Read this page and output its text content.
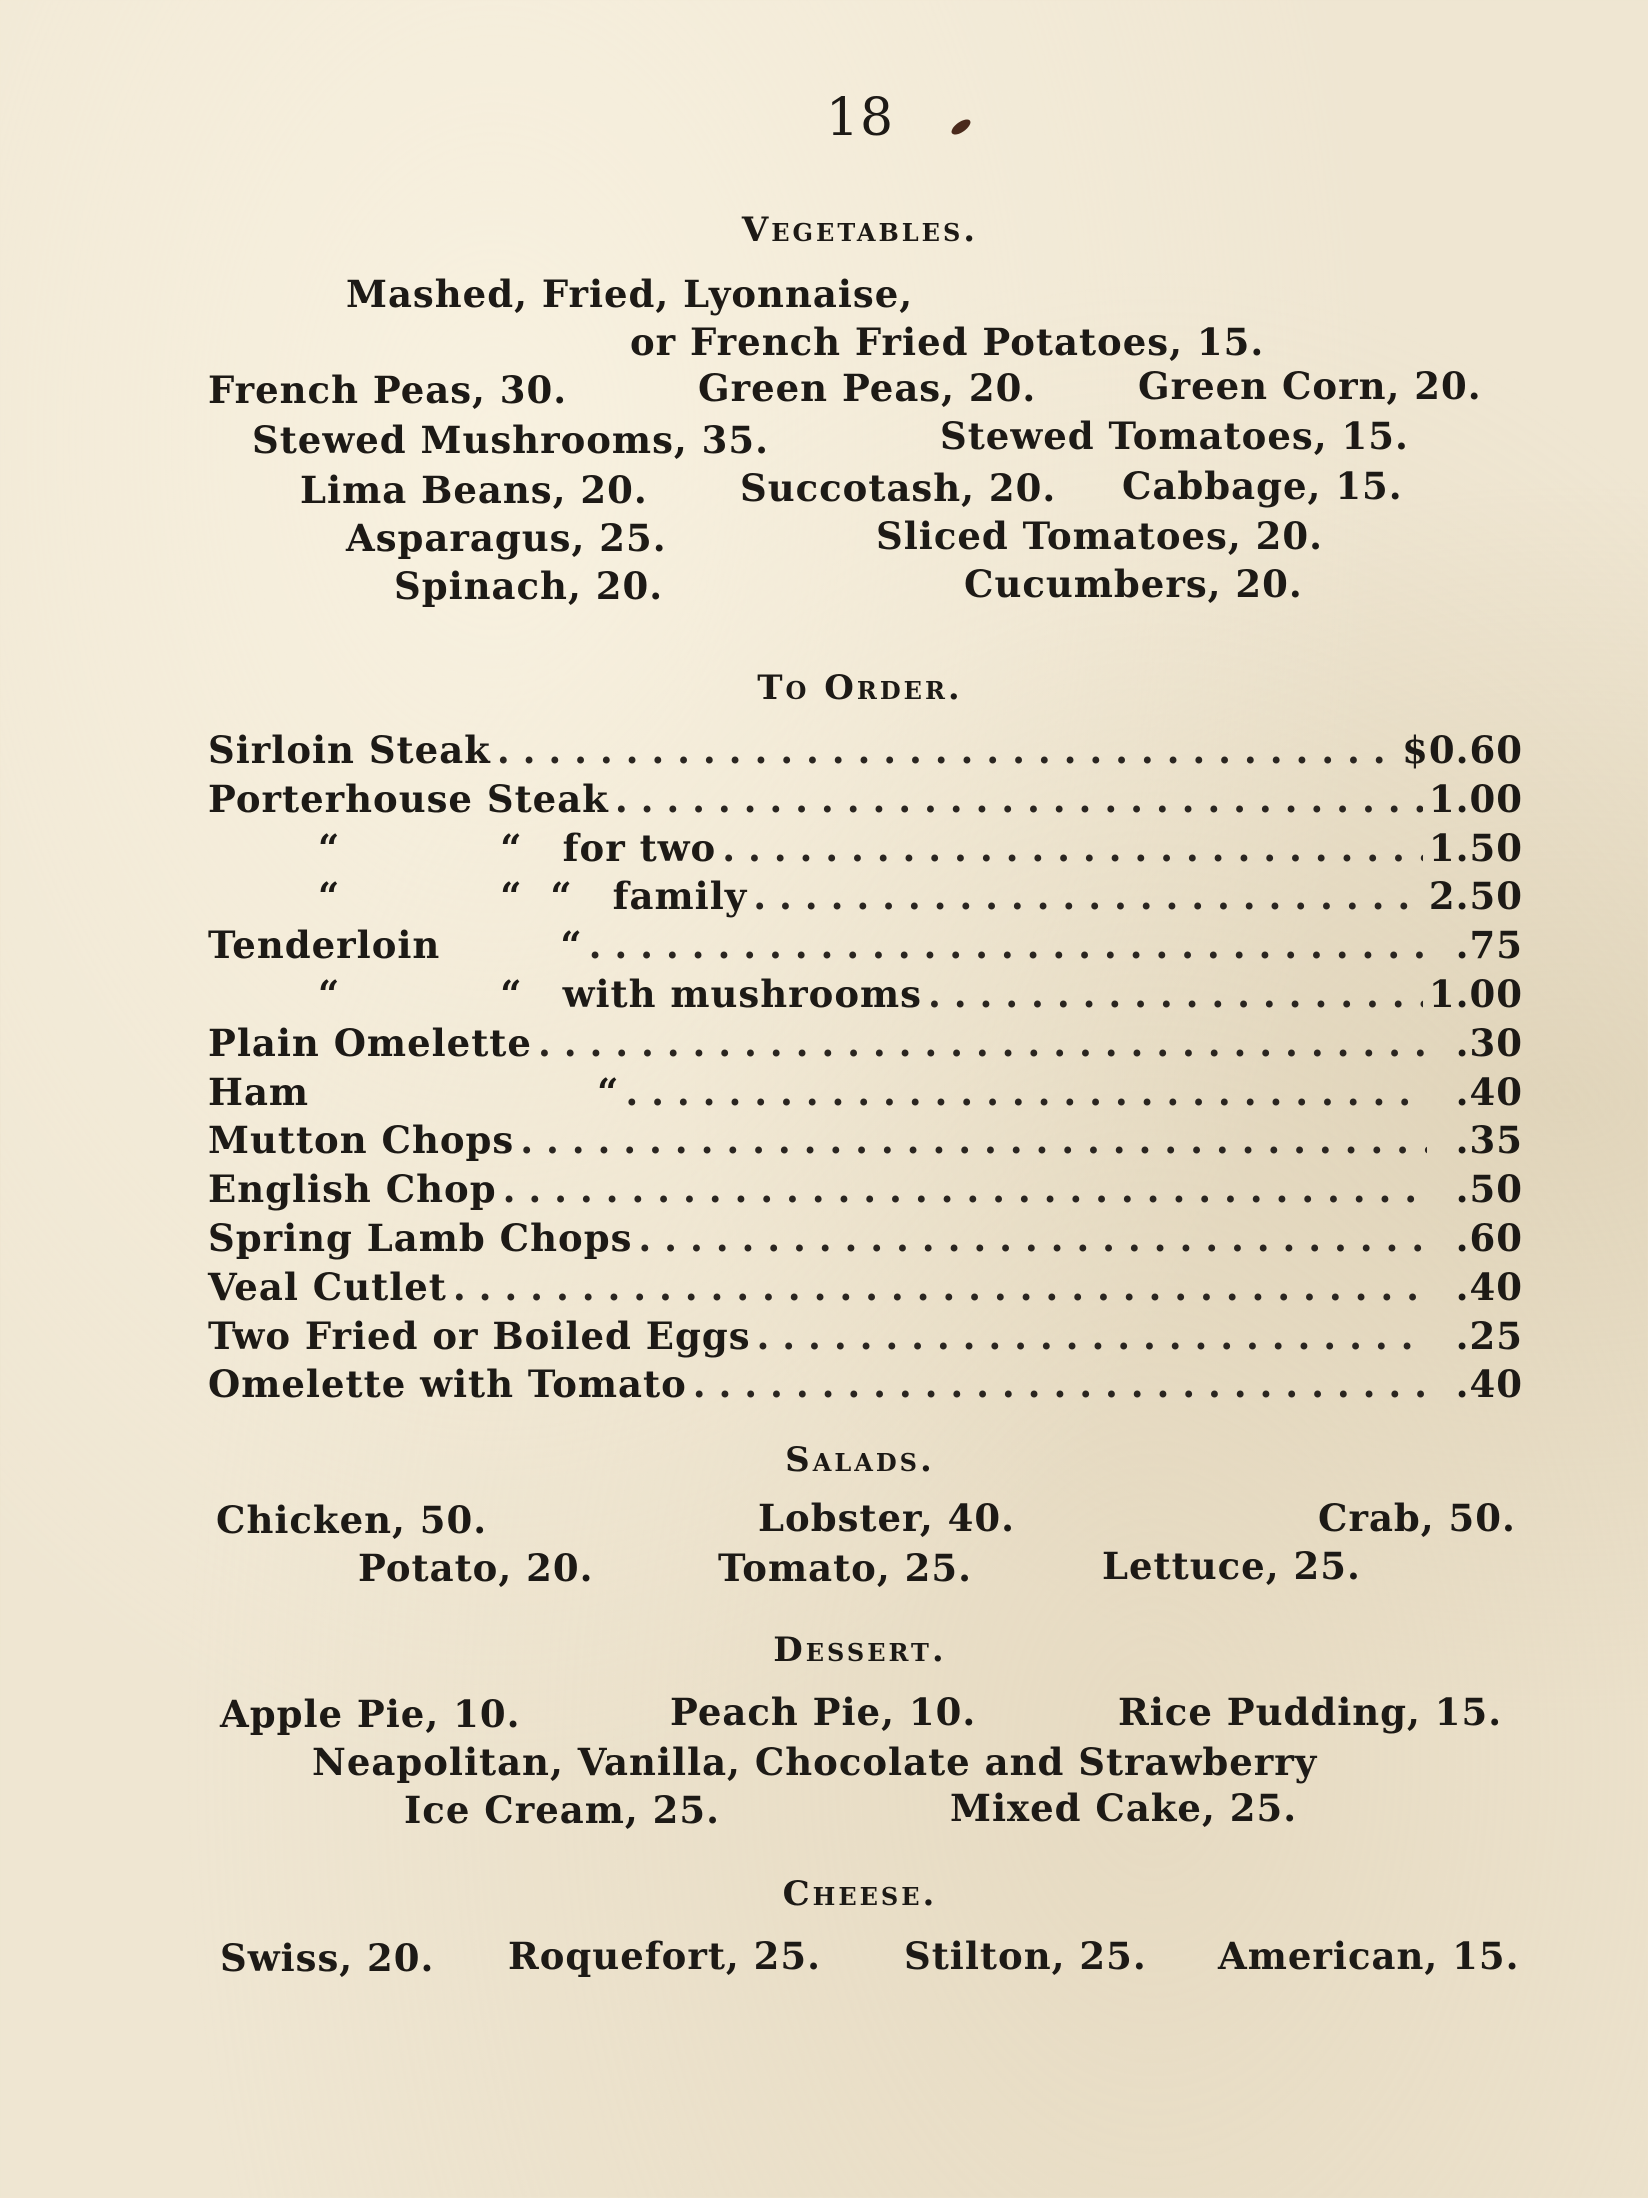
18
Vegetables.
Mashed, Fried, Lyonnaise,
or French Fried Potatoes, 15.
French Peas, 30.	Green Peas, 20.	Green Corn, 20.
Stewed Mushrooms, 35.	Stewed Tomatoes, 15.
Lima Beans, 20. Succotash, 20. Cabbage, 15.
Asparagus, 25.	Sliced Tomatoes, 20.
Spinach, 20.	Cucumbers, 20.
To Order.
Sirloin Steak . . .	$0.60
Porterhouse Steak . . .	1.00
“	“ for two . . .	1.50
“	“  “ family . . .	2.50
Tenderloin	“ . . .	.75
“	“ with mushrooms . . .	1.00
Plain Omelette . . .	.30
Ham	“ . . .	.40
Mutton Chops . . .	.35
English Chop . . .	.50
Spring Lamb Chops . . .	.60
Veal Cutlet . . .	.40
Two Fried or Boiled Eggs . . .	.25
Omelette with Tomato . . .	.40
Salads.
Chicken, 50.	Lobster, 40.	Crab, 50.
Potato, 20.	Tomato, 25.	Lettuce, 25.
Dessert.
Apple Pie, 10.	Peach Pie, 10.	Rice Pudding, 15.
Neapolitan, Vanilla, Chocolate and Strawberry
Ice Cream, 25.	Mixed Cake, 25.
Cheese.
Swiss, 20. Roquefort, 25. Stilton, 25. American, 15.
